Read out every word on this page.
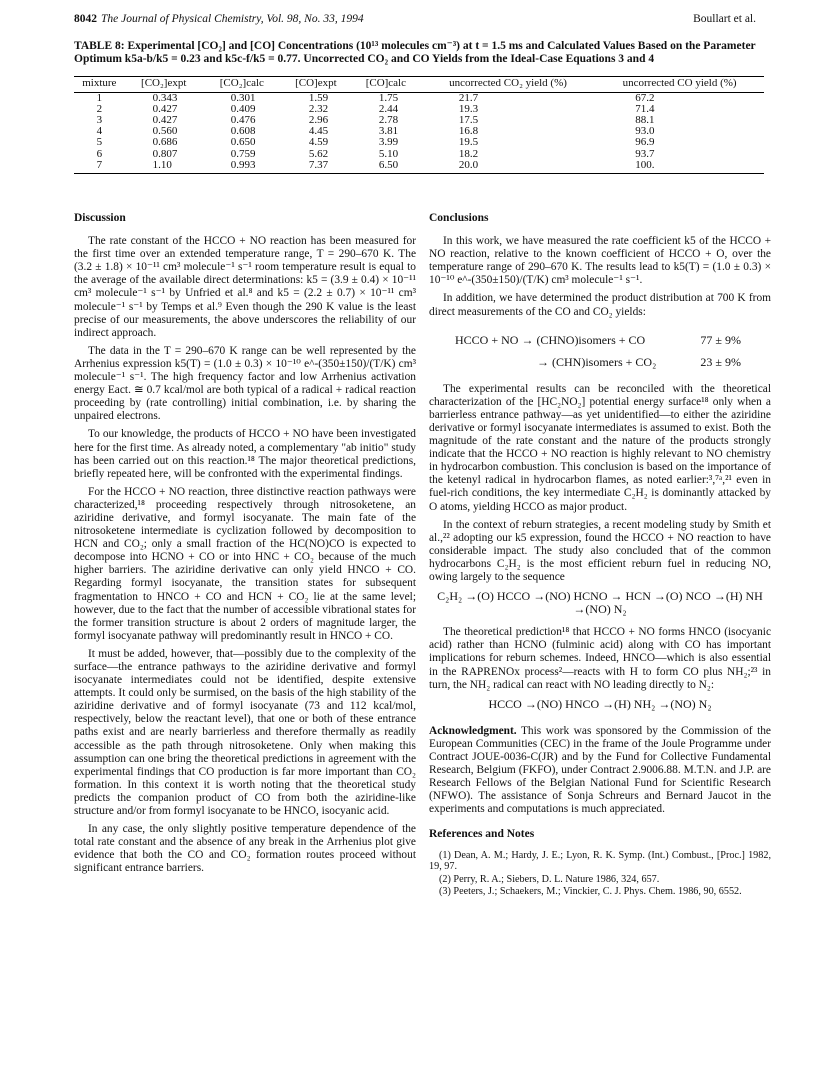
8042 The Journal of Physical Chemistry, Vol. 98, No. 33, 1994	Boullart et al.
TABLE 8: Experimental [CO₂] and [CO] Concentrations (10¹³ molecules cm⁻³) at t = 1.5 ms and Calculated Values Based on the Parameter Optimum k5a-b/k5 = 0.23 and k5c-f/k5 = 0.77. Uncorrected CO₂ and CO Yields from the Ideal-Case Equations 3 and 4
mixture	[CO₂]expt	[CO₂]calc	[CO]expt	[CO]calc	uncorrected CO₂ yield (%)	uncorrected CO yield (%)
1	0.343	0.301	1.59	1.75	21.7	67.2
2	0.427	0.409	2.32	2.44	19.3	71.4
3	0.427	0.476	2.96	2.78	17.5	88.1
4	0.560	0.608	4.45	3.81	16.8	93.0
5	0.686	0.650	4.59	3.99	19.5	96.9
6	0.807	0.759	5.62	5.10	18.2	93.7
7	1.10	0.993	7.37	6.50	20.0	100.
Discussion

The rate constant of the HCCO + NO reaction has been measured for the first time over an extended temperature range, T = 290–670 K. The (3.2 ± 1.8) × 10⁻¹¹ cm³ molecule⁻¹ s⁻¹ room temperature result is equal to the average of the available direct determinations: k5 = (3.9 ± 0.4) × 10⁻¹¹ cm³ molecule⁻¹ s⁻¹ by Unfried et al.⁸ and k5 = (2.2 ± 0.7) × 10⁻¹¹ cm³ molecule⁻¹ s⁻¹ by Temps et al.⁹ Even though the 290 K value is the least precise of our measurements, the above underscores the reliability of our indirect approach.

The data in the T = 290–670 K range can be well represented by the Arrhenius expression k5(T) = (1.0 ± 0.3) × 10⁻¹⁰ e^-(350±150)/(T/K) cm³ molecule⁻¹ s⁻¹. The high frequency factor and low Arrhenius activation energy Eact. ≅ 0.7 kcal/mol are both typical of a radical + radical reaction proceeding by (rate controlling) initial combination, i.e. by sharing the unpaired electrons.

To our knowledge, the products of HCCO + NO have been investigated here for the first time. As already noted, a complementary "ab initio" study has been carried out on this reaction.¹⁸ The major theoretical predictions, briefly repeated here, will be confronted with the experimental findings.

For the HCCO + NO reaction, three distinctive reaction pathways were characterized,¹⁸ proceeding respectively through nitrosoketene, an aziridine derivative, and formyl isocyanate. The main fate of the nitrosoketene intermediate is cyclization followed by decomposition to HCN and CO₂; only a small fraction of the HC(NO)CO is expected to decompose into HCNO + CO or into HNC + CO₂ because of the much higher barriers. The aziridine derivative can only yield HNCO + CO. Regarding formyl isocyanate, the transition states for subsequent fragmentation to HNCO + CO and HCN + CO₂ lie at the same level; however, due to the fact that the number of accessible vibrational states for the former transition structure is about 2 orders of magnitude larger, the formyl isocyanate pathway will predominantly result in HNCO + CO.

It must be added, however, that—possibly due to the complexity of the surface—the entrance pathways to the aziridine derivative and formyl isocyanate intermediates could not be identified, despite extensive attempts. It could only be surmised, on the basis of the high stability of the aziridine derivative and of formyl isocyanate (73 and 112 kcal/mol, respectively, below the reactant level), that one or both of these entrance paths exist and are nearly barrierless and therefore thermally as readily accessible as the path through nitrosoketene. Only when making this assumption can one bring the theoretical predictions in agreement with the experimental findings that CO production is far more important than CO₂ formation. In this context it is worth noting that the theoretical study predicts the companion product of CO from both the aziridine-like structure and/or from formyl isocyanate to be HNCO, isocyanic acid.

In any case, the only slightly positive temperature dependence of the total rate constant and the absence of any break in the Arrhenius plot give evidence that both the CO and CO₂ formation routes proceed without significant entrance barriers.

Conclusions

In this work, we have measured the rate coefficient k5 of the HCCO + NO reaction, relative to the known coefficient of HCCO + O, over the temperature range of 290–670 K. The results lead to k5(T) = (1.0 ± 0.3) × 10⁻¹⁰ e^-(350±150)/(T/K) cm³ molecule⁻¹ s⁻¹.

In addition, we have determined the product distribution at 700 K from direct measurements of the CO and CO₂ yields:

HCCO + NO → (CHNO)isomers + CO	77 ± 9%
→ (CHN)isomers + CO₂	23 ± 9%

The experimental results can be reconciled with the theoretical characterization of the [HC₂NO₂] potential energy surface¹⁸ only when a barrierless entrance pathway—as yet unidentified—to either the aziridine derivative or formyl isocyanate intermediates is assumed to exist. Both the magnitude of the rate constant and the nature of the products strongly indicate that the HCCO + NO reaction is highly relevant to NO chemistry in hydrocarbon combustion. This conclusion is based on the importance of the ketenyl radical in hydrocarbon flames, as noted earlier:³,⁷ᵃ,²¹ even in fuel-rich conditions, the key intermediate C₂H₂ is dominantly attacked by O atoms, yielding HCCO as major product.

In the context of reburn strategies, a recent modeling study by Smith et al.,²² adopting our k5 expression, found the HCCO + NO reaction to have considerable impact. The study also concluded that of the common hydrocarbons C₂H₂ is the most efficient reburn fuel in reducing NO, owing largely to the sequence

C₂H₂ →(O) HCCO →(NO) HCNO → HCN →(O) NCO →(H) NH →(NO) N₂

The theoretical prediction¹⁸ that HCCO + NO forms HNCO (isocyanic acid) rather than HCNO (fulminic acid) along with CO has important implications for reburn schemes. Indeed, HNCO—which is also essential in the RAPRENOx process²—reacts with H to form CO plus NH₂;²³ in turn, the NH₂ radical can react with NO leading directly to N₂:

HCCO →(NO) HNCO →(H) NH₂ →(NO) N₂

Acknowledgment. This work was sponsored by the Commission of the European Communities (CEC) in the frame of the Joule Programme under Contract JOUE-0036-C(JR) and by the Fund for Collective Fundamental Research, Belgium (FKFO), under Contract 2.9006.88. M.T.N. and J.P. are Research Fellows of the Belgian National Fund for Scientific Research (NFWO). The assistance of Sonja Schreurs and Bernard Jaucot in the experiments and computations is much appreciated.

References and Notes
(1) Dean, A. M.; Hardy, J. E.; Lyon, R. K. Symp. (Int.) Combust., [Proc.] 1982, 19, 97.
(2) Perry, R. A.; Siebers, D. L. Nature 1986, 324, 657.
(3) Peeters, J.; Schaekers, M.; Vinckier, C. J. Phys. Chem. 1986, 90, 6552.
